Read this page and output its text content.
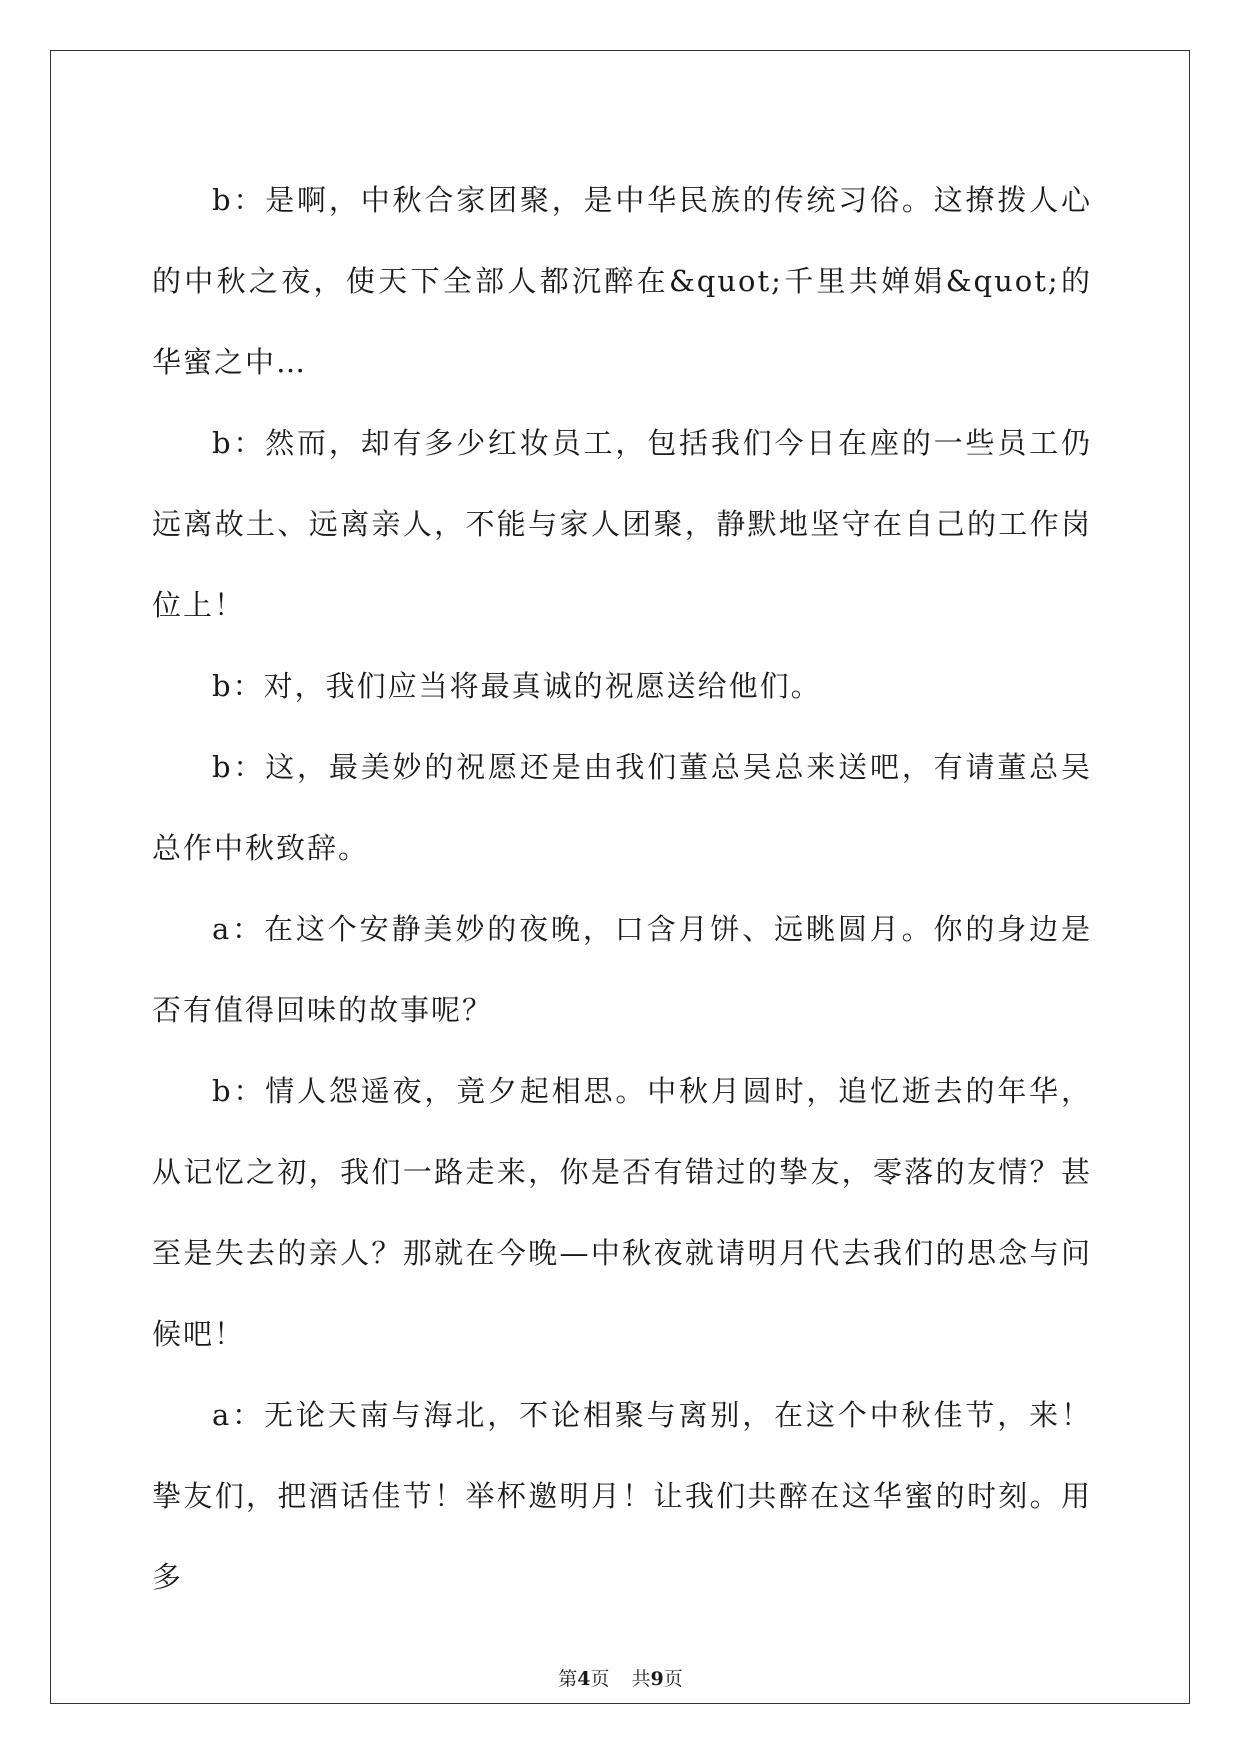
b：是啊，中秋合家团聚，是中华民族的传统习俗。这撩拨人心的中秋之夜，使天下全部人都沉醉在&quot;千里共婵娟&quot;的华蜜之中…

b：然而，却有多少红妆员工，包括我们今日在座的一些员工仍远离故土、远离亲人，不能与家人团聚，静默地坚守在自己的工作岗位上！

b：对，我们应当将最真诚的祝愿送给他们。

b：这，最美妙的祝愿还是由我们董总吴总来送吧，有请董总吴总作中秋致辞。

a：在这个安静美妙的夜晚，口含月饼、远眺圆月。你的身边是否有值得回味的故事呢？

b：情人怨遥夜，竟夕起相思。中秋月圆时，追忆逝去的年华，从记忆之初，我们一路走来，你是否有错过的挚友，零落的友情？甚至是失去的亲人？那就在今晚—中秋夜就请明月代去我们的思念与问候吧！

a：无论天南与海北，不论相聚与离别，在这个中秋佳节，来！挚友们，把酒话佳节！举杯邀明月！让我们共醉在这华蜜的时刻。用多

第4页 共9页
